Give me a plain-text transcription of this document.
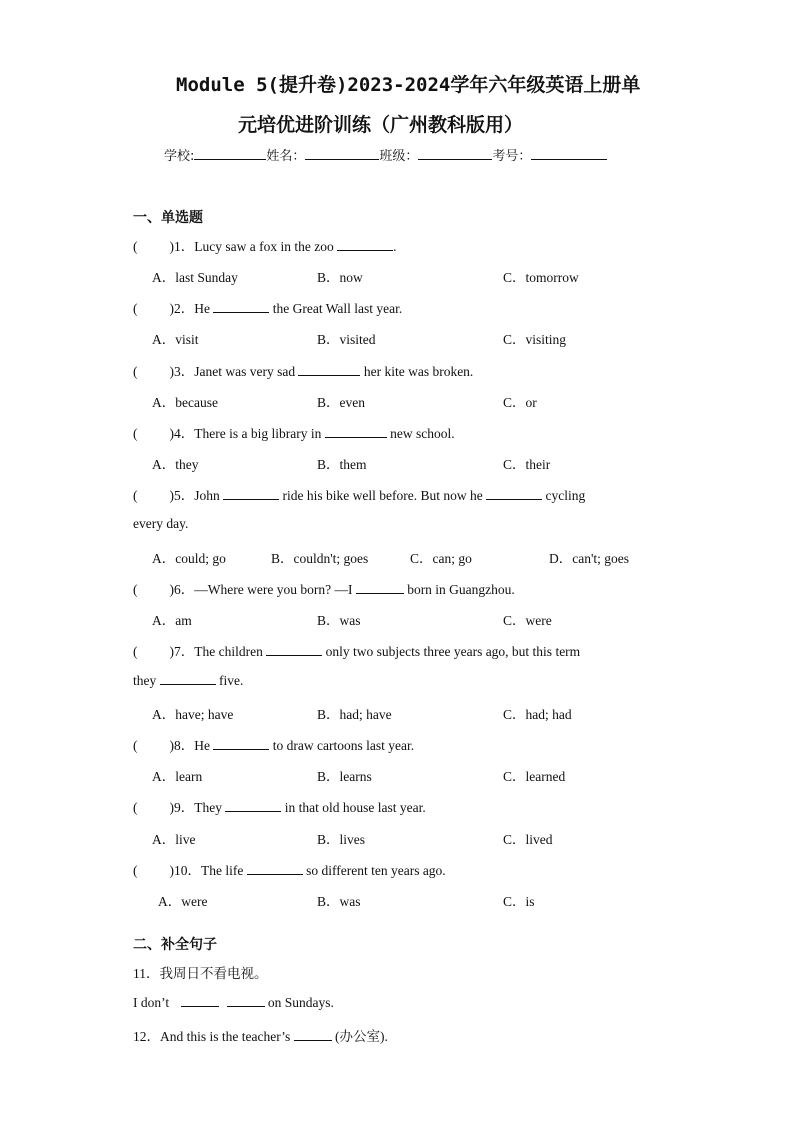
Module 5(提升卷)2023-2024学年六年级英语上册单
元培优进阶训练（广州教科版用）
学校:	姓名：	班级：	考号：
一、单选题
( )1．Lucy saw a fox in the zoo	.
A．last Sunday	B．now	C．tomorrow
( )2．He	the Great Wall last year.
A．visit	B．visited	C．visiting
( )3．Janet was very sad	her kite was broken.
A．because	B．even	C．or
( )4．There is a big library in	new school.
A．they	B．them	C．their
( )5．John	ride his bike well before. But now he	cycling
every day.
A．could; go	B．couldn't; goes	C．can; go	D．can't; goes
( )6．—Where were you born? —I	born in Guangzhou.
A．am	B．was	C．were
( )7．The children	only two subjects three years ago, but this term
they	five.
A．have; have	B．had; have	C．had; had
( )8．He	to draw cartoons last year.
A．learn	B．learns	C．learned
( )9．They	in that old house last year.
A．live	B．lives	C．lived
( )10．The life	so different ten years ago.
A．were	B．was	C．is
二、补全句子
11．我周日不看电视。
I don’t	on Sundays.
12．And this is the teacher’s	(办公室).
